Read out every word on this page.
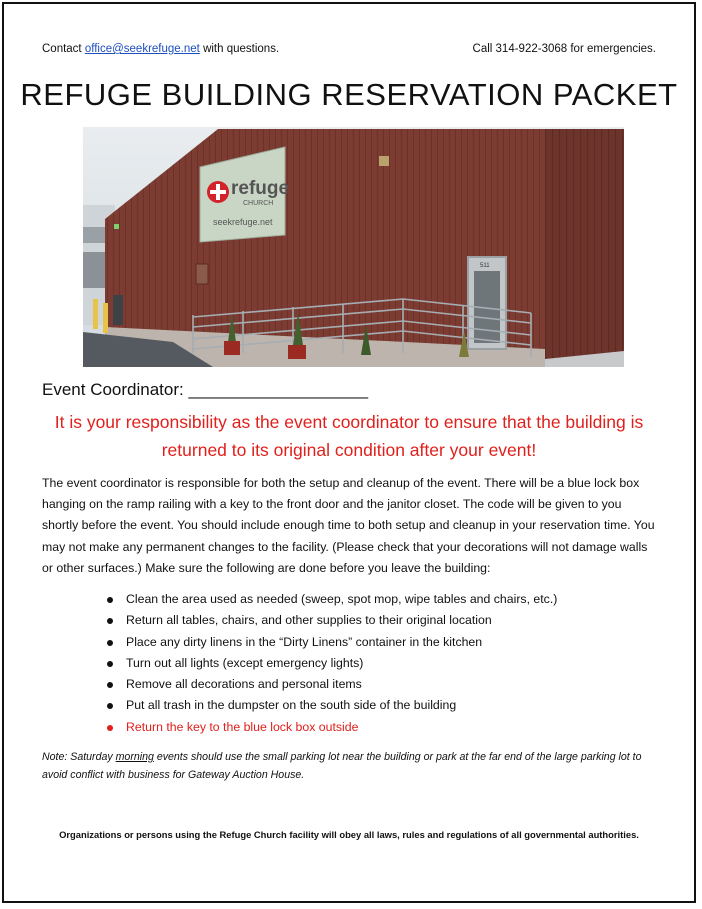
Contact office@seekrefuge.net with questions.	Call 314-922-3068 for emergencies.
REFUGE BUILDING RESERVATION PACKET
refuge
CHURCH
seekrefuge.net
511
Event Coordinator: ___________________
It is your responsibility as the event coordinator to ensure that the building is returned to its original condition after your event!
The event coordinator is responsible for both the setup and cleanup of the event. There will be a blue lock box hanging on the ramp railing with a key to the front door and the janitor closet. The code will be given to you shortly before the event. You should include enough time to both setup and cleanup in your reservation time. You may not make any permanent changes to the facility. (Please check that your decorations will not damage walls or other surfaces.) Make sure the following are done before you leave the building:
Clean the area used as needed (sweep, spot mop, wipe tables and chairs, etc.)
Return all tables, chairs, and other supplies to their original location
Place any dirty linens in the “Dirty Linens” container in the kitchen
Turn out all lights (except emergency lights)
Remove all decorations and personal items
Put all trash in the dumpster on the south side of the building
Return the key to the blue lock box outside
Note: Saturday morning events should use the small parking lot near the building or park at the far end of the large parking lot to avoid conflict with business for Gateway Auction House.
Organizations or persons using the Refuge Church facility will obey all laws, rules and regulations of all governmental authorities.
